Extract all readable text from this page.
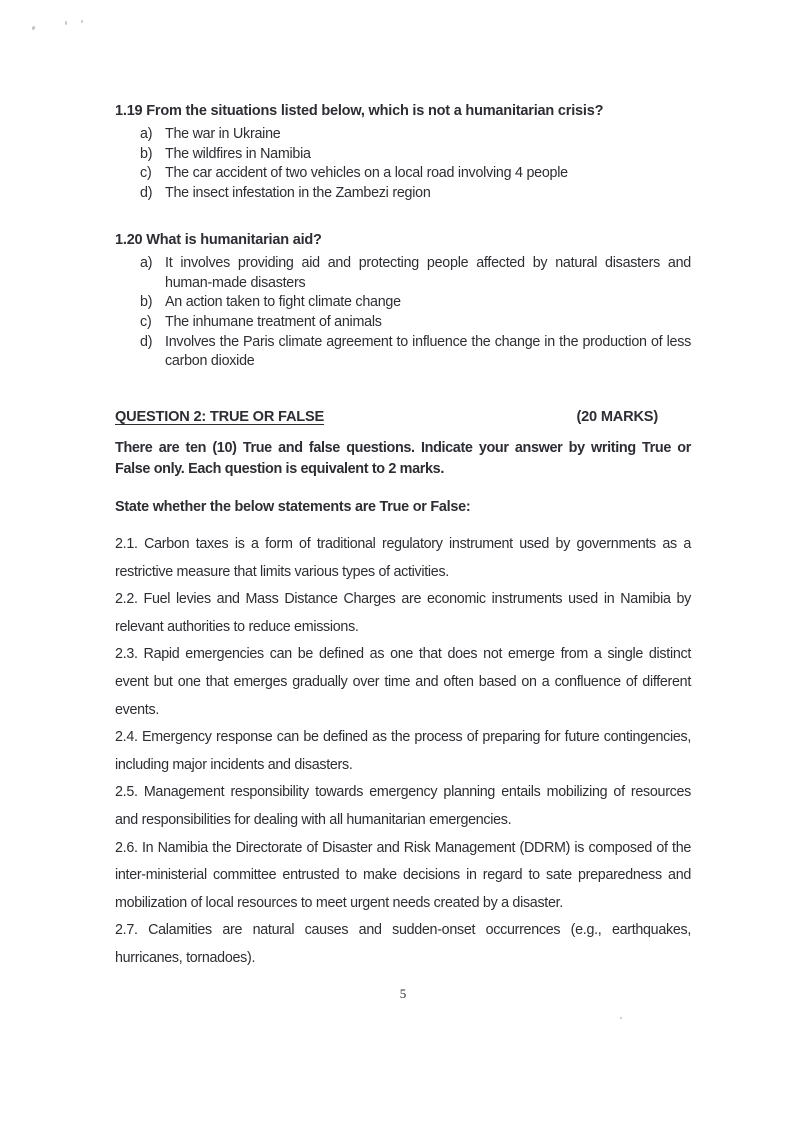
1.19 From the situations listed below, which is not a humanitarian crisis?

a) The war in Ukraine
b) The wildfires in Namibia
c) The car accident of two vehicles on a local road involving 4 people
d) The insect infestation in the Zambezi region

1.20 What is humanitarian aid?

a) It involves providing aid and protecting people affected by natural disasters and human-made disasters
b) An action taken to fight climate change
c) The inhumane treatment of animals
d) Involves the Paris climate agreement to influence the change in the production of less carbon dioxide
QUESTION 2: TRUE OR FALSE	(20 MARKS)

There are ten (10) True and false questions. Indicate your answer by writing True or False only. Each question is equivalent to 2 marks.

State whether the below statements are True or False:

2.1. Carbon taxes is a form of traditional regulatory instrument used by governments as a restrictive measure that limits various types of activities.

2.2. Fuel levies and Mass Distance Charges are economic instruments used in Namibia by relevant authorities to reduce emissions.

2.3. Rapid emergencies can be defined as one that does not emerge from a single distinct event but one that emerges gradually over time and often based on a confluence of different events.

2.4. Emergency response can be defined as the process of preparing for future contingencies, including major incidents and disasters.

2.5. Management responsibility towards emergency planning entails mobilizing of resources and responsibilities for dealing with all humanitarian emergencies.

2.6. In Namibia the Directorate of Disaster and Risk Management (DDRM) is composed of the inter-ministerial committee entrusted to make decisions in regard to sate preparedness and mobilization of local resources to meet urgent needs created by a disaster.

2.7. Calamities are natural causes and sudden-onset occurrences (e.g., earthquakes, hurricanes, tornadoes).

5
